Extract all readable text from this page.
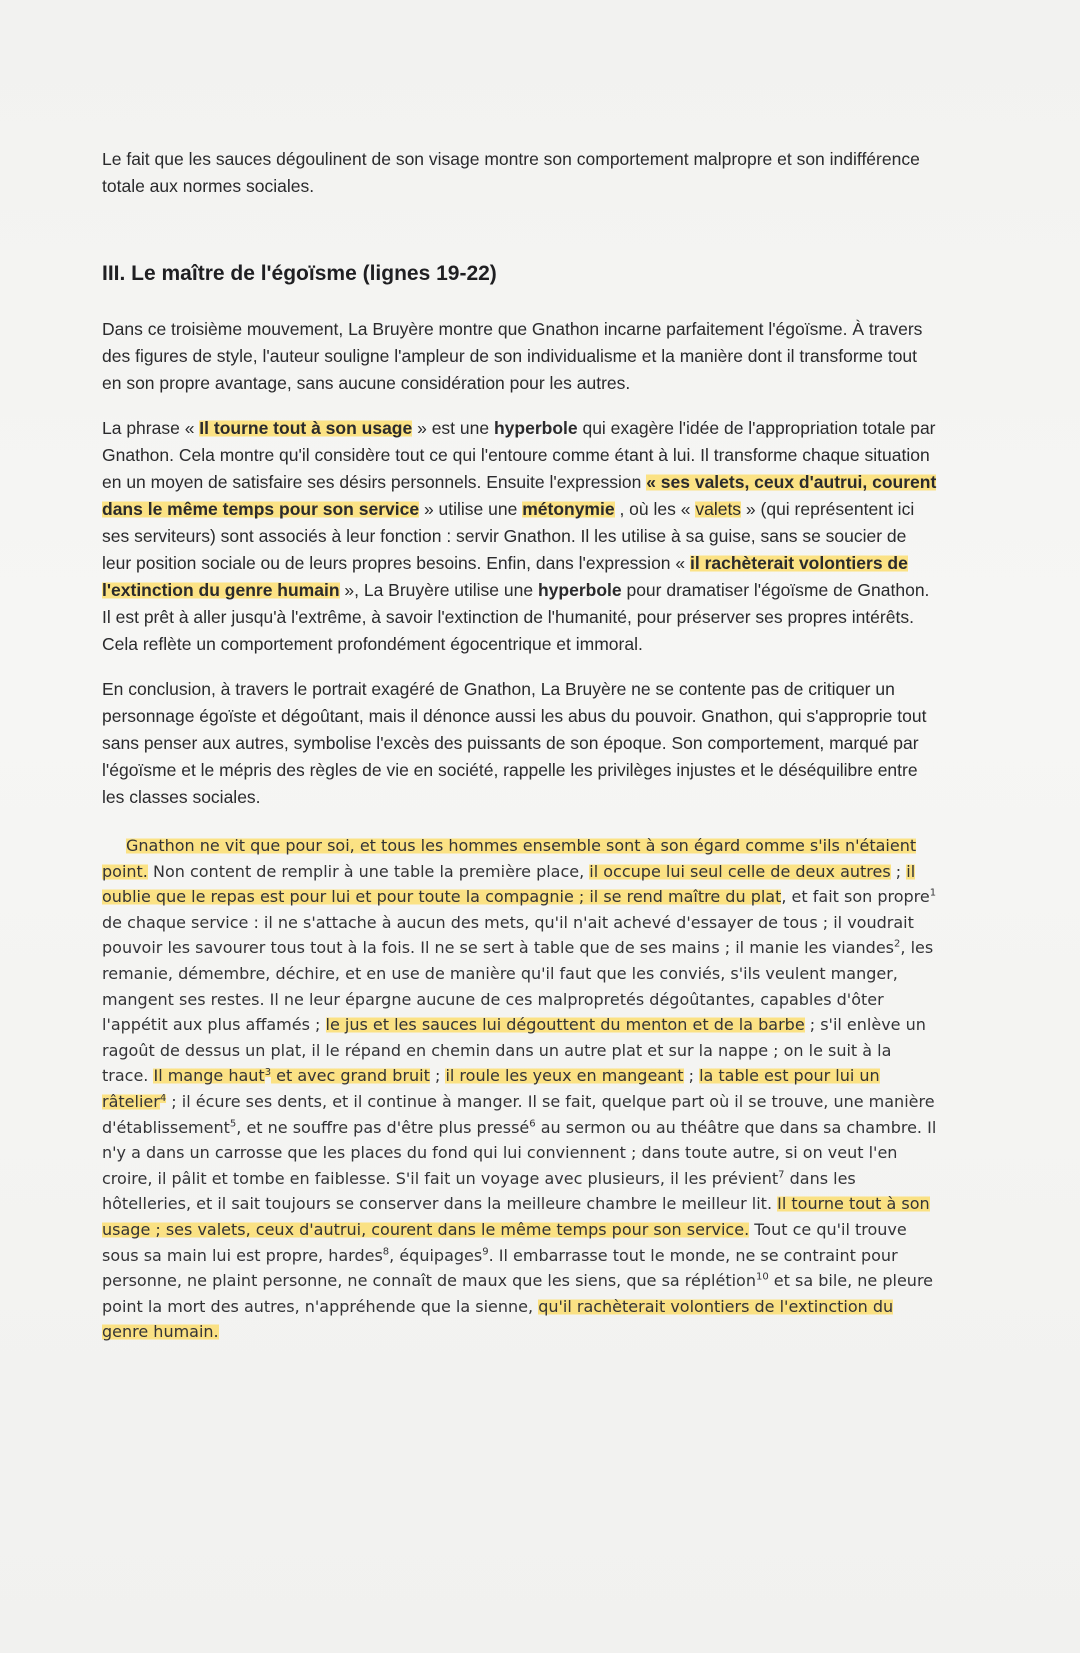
Le fait que les sauces dégoulinent de son visage montre son comportement malpropre et son indifférence totale aux normes sociales.

III. Le maître de l'égoïsme (lignes 19-22)

Dans ce troisième mouvement, La Bruyère montre que Gnathon incarne parfaitement l'égoïsme. À travers des figures de style, l'auteur souligne l'ampleur de son individualisme et la manière dont il transforme tout en son propre avantage, sans aucune considération pour les autres.

La phrase « Il tourne tout à son usage » est une hyperbole qui exagère l'idée de l'appropriation totale par Gnathon. Cela montre qu'il considère tout ce qui l'entoure comme étant à lui. Il transforme chaque situation en un moyen de satisfaire ses désirs personnels. Ensuite l'expression « ses valets, ceux d'autrui, courent dans le même temps pour son service » utilise une métonymie , où les « valets » (qui représentent ici ses serviteurs) sont associés à leur fonction : servir Gnathon. Il les utilise à sa guise, sans se soucier de leur position sociale ou de leurs propres besoins. Enfin, dans l'expression « il rachèterait volontiers de l'extinction du genre humain », La Bruyère utilise une hyperbole pour dramatiser l'égoïsme de Gnathon. Il est prêt à aller jusqu'à l'extrême, à savoir l'extinction de l'humanité, pour préserver ses propres intérêts. Cela reflète un comportement profondément égocentrique et immoral.

En conclusion, à travers le portrait exagéré de Gnathon, La Bruyère ne se contente pas de critiquer un personnage égoïste et dégoûtant, mais il dénonce aussi les abus du pouvoir. Gnathon, qui s'approprie tout sans penser aux autres, symbolise l'excès des puissants de son époque. Son comportement, marqué par l'égoïsme et le mépris des règles de vie en société, rappelle les privilèges injustes et le déséquilibre entre les classes sociales.

Gnathon ne vit que pour soi, et tous les hommes ensemble sont à son égard comme s'ils n'étaient point. Non content de remplir à une table la première place, il occupe lui seul celle de deux autres ; il oublie que le repas est pour lui et pour toute la compagnie ; il se rend maître du plat, et fait son propre$^1$ de chaque service : il ne s'attache à aucun des mets, qu'il n'ait achevé d'essayer de tous ; il voudrait pouvoir les savourer tous tout à la fois. Il ne se sert à table que de ses mains ; il manie les viandes$^2$, les remanie, démembre, déchire, et en use de manière qu'il faut que les conviés, s'ils veulent manger, mangent ses restes. Il ne leur épargne aucune de ces malpropretés dégoûtantes, capables d'ôter l'appétit aux plus affamés ; le jus et les sauces lui dégouttent du menton et de la barbe ; s'il enlève un ragoût de dessus un plat, il le répand en chemin dans un autre plat et sur la nappe ; on le suit à la trace. Il mange haut$^3$ et avec grand bruit ; il roule les yeux en mangeant ; la table est pour lui un râtelier$^4$ ; il écure ses dents, et il continue à manger. Il se fait, quelque part où il se trouve, une manière d'établissement$^5$, et ne souffre pas d'être plus pressé$^6$ au sermon ou au théâtre que dans sa chambre. Il n'y a dans un carrosse que les places du fond qui lui conviennent ; dans toute autre, si on veut l'en croire, il pâlit et tombe en faiblesse. S'il fait un voyage avec plusieurs, il les prévient$^7$ dans les hôtelleries, et il sait toujours se conserver dans la meilleure chambre le meilleur lit. Il tourne tout à son usage ; ses valets, ceux d'autrui, courent dans le même temps pour son service. Tout ce qu'il trouve sous sa main lui est propre, hardes$^8$, équipages$^9$. Il embarrasse tout le monde, ne se contraint pour personne, ne plaint personne, ne connaît de maux que les siens, que sa réplétion$^{10}$ et sa bile, ne pleure point la mort des autres, n'appréhende que la sienne, qu'il rachèterait volontiers de l'extinction du genre humain.
